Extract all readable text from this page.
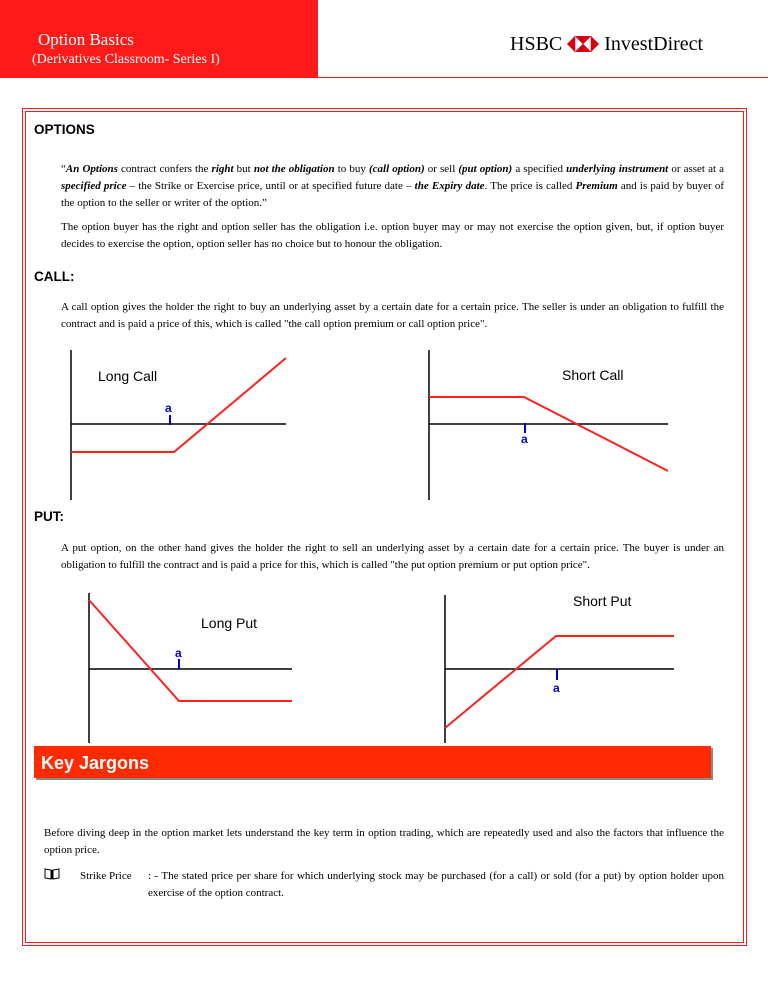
Option Basics
(Derivatives Classroom- Series I)
HSBC InvestDirect
OPTIONS
“An Options contract confers the right but not the obligation to buy (call option) or sell (put option) a specified underlying instrument or asset at a specified price – the Strike or Exercise price, until or at specified future date – the Expiry date. The price is called Premium and is paid by buyer of the option to the seller or writer of the option.”
The option buyer has the right and option seller has the obligation i.e. option buyer may or may not exercise the option given, but, if option buyer decides to exercise the option, option seller has no choice but to honour the obligation.
CALL:
A call option gives the holder the right to buy an underlying asset by a certain date for a certain price. The seller is under an obligation to fulfill the contract and is paid a price of this, which is called "the call option premium or call option price".
a
Long Call
a
Short Call
PUT:
A put option, on the other hand gives the holder the right to sell an underlying asset by a certain date for a certain price. The buyer is under an obligation to fulfill the contract and is paid a price for this, which is called "the put option premium or put option price".
a
Long Put
a
Short Put
Key Jargons
Before diving deep in the option market lets understand the key term in option trading, which are repeatedly used and also the factors that influence the option price.
Strike Price : - The stated price per share for which underlying stock may be purchased (for a call) or sold (for a put) by option holder upon exercise of the option contract.
